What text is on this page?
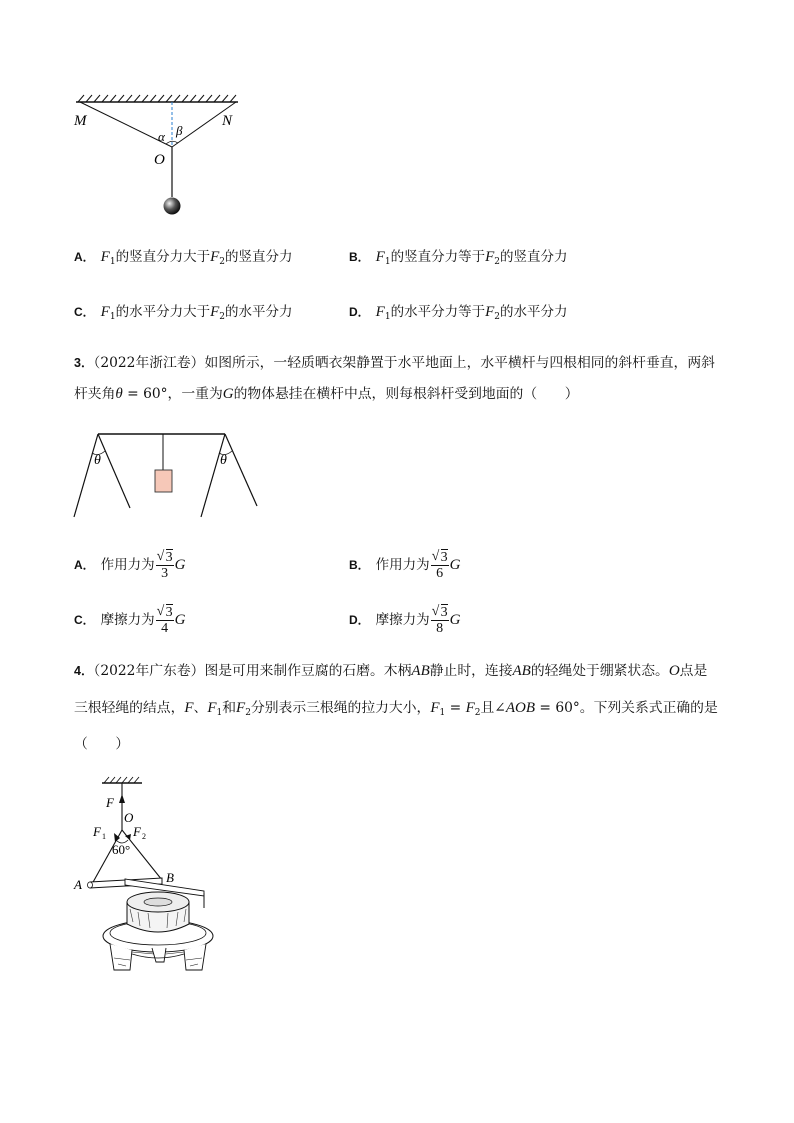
M	N
O
α β
A． $F_1$的竖直分力大于$F_2$的竖直分力	B． $F_1$的竖直分力等于$F_2$的竖直分力
C． $F_1$的水平分力大于$F_2$的水平分力	D． $F_1$的水平分力等于$F_2$的水平分力
3．（2022年浙江卷）如图所示，一轻质晒衣架静置于水平地面上，水平横杆与四根相同的斜杆垂直，两斜
杆夹角θ = 60°，一重为G的物体悬挂在横杆中点，则每根斜杆受到地面的（　　）
θ	θ
A． 作用力为 √ $\frac{3}{3}$ G	B． 作用力为 √ $\frac{3}{6}$ G
C． 摩擦力为 √ $\frac{3}{4}$ G	D． 摩擦力为 √ $\frac{3}{8}$ G
4．（2022年广东卷）图是可用来制作豆腐的石磨。木柄AB静止时，连接AB的轻绳处于绷紧状态。O点是
三根轻绳的结点，F、$F_1$和$F_2$分别表示三根绳的拉力大小，$F_1 = F_2$且∠AOB = 60°。下列关系式正确的是
（　　）
F
O
F 1 F 2
60°
A	B
